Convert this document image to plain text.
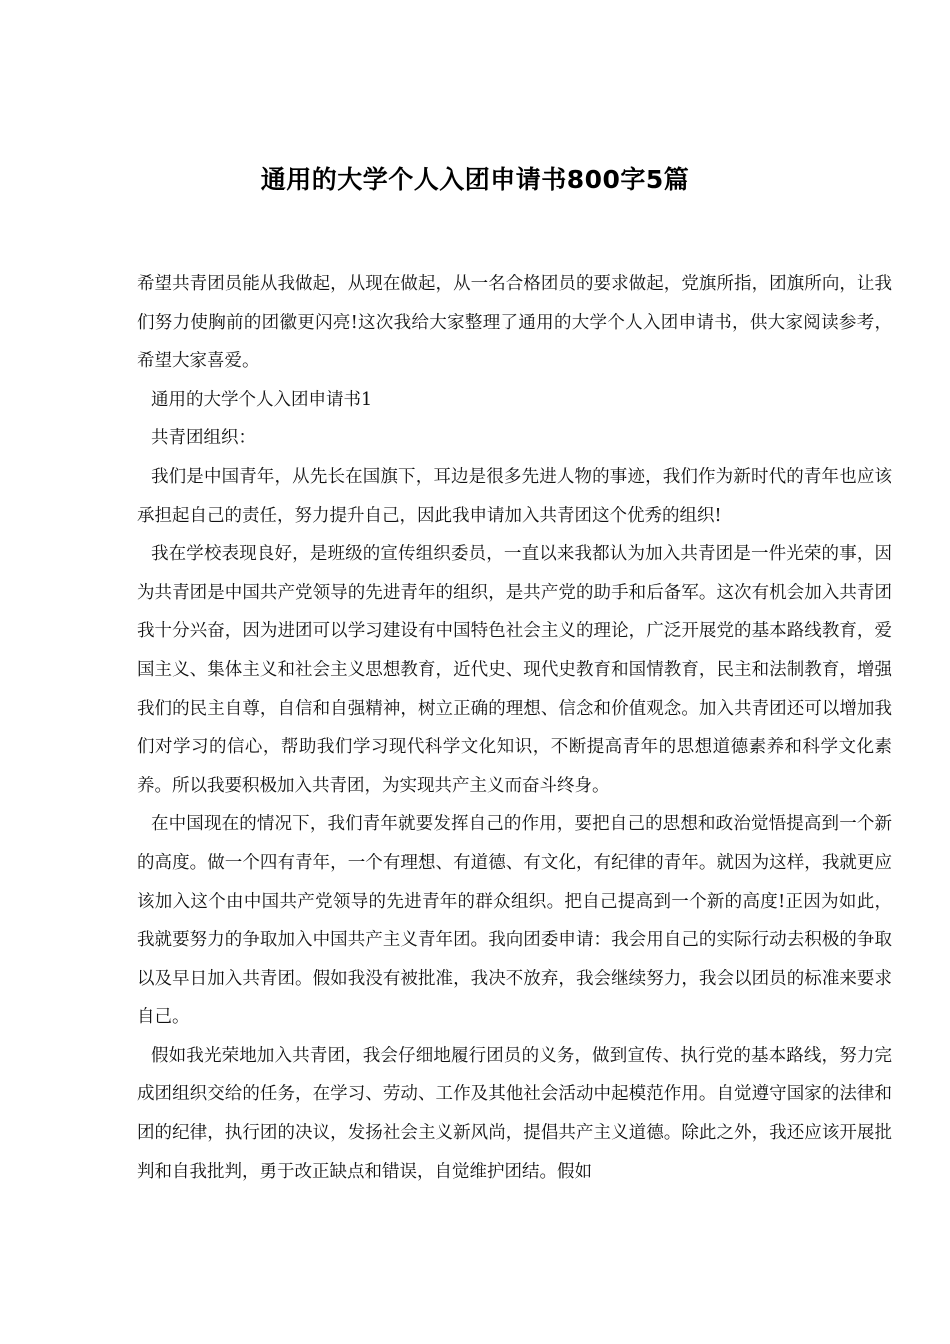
通用的大学个人入团申请书800字5篇

希望共青团员能从我做起，从现在做起，从一名合格团员的要求做起，党旗所指，团旗所向，让我们努力使胸前的团徽更闪亮!这次我给大家整理了通用的大学个人入团申请书，供大家阅读参考，希望大家喜爱。

通用的大学个人入团申请书1

共青团组织：

我们是中国青年，从先长在国旗下，耳边是很多先进人物的事迹，我们作为新时代的青年也应该承担起自己的责任，努力提升自己，因此我申请加入共青团这个优秀的组织!

我在学校表现良好，是班级的宣传组织委员，一直以来我都认为加入共青团是一件光荣的事，因为共青团是中国共产党领导的先进青年的组织，是共产党的助手和后备军。这次有机会加入共青团我十分兴奋，因为进团可以学习建设有中国特色社会主义的理论，广泛开展党的基本路线教育，爱国主义、集体主义和社会主义思想教育，近代史、现代史教育和国情教育，民主和法制教育，增强我们的民主自尊，自信和自强精神，树立正确的理想、信念和价值观念。加入共青团还可以增加我们对学习的信心，帮助我们学习现代科学文化知识，不断提高青年的思想道德素养和科学文化素养。所以我要积极加入共青团，为实现共产主义而奋斗终身。

在中国现在的情况下，我们青年就要发挥自己的作用，要把自己的思想和政治觉悟提高到一个新的高度。做一个四有青年，一个有理想、有道德、有文化，有纪律的青年。就因为这样，我就更应该加入这个由中国共产党领导的先进青年的群众组织。把自己提高到一个新的高度!正因为如此，我就要努力的争取加入中国共产主义青年团。我向团委申请：我会用自己的实际行动去积极的争取以及早日加入共青团。假如我没有被批准，我决不放弃，我会继续努力，我会以团员的标准来要求自己。

假如我光荣地加入共青团，我会仔细地履行团员的义务，做到宣传、执行党的基本路线，努力完成团组织交给的任务，在学习、劳动、工作及其他社会活动中起模范作用。自觉遵守国家的法律和团的纪律，执行团的决议，发扬社会主义新风尚，提倡共产主义道德。除此之外，我还应该开展批判和自我批判，勇于改正缺点和错误，自觉维护团结。假如
